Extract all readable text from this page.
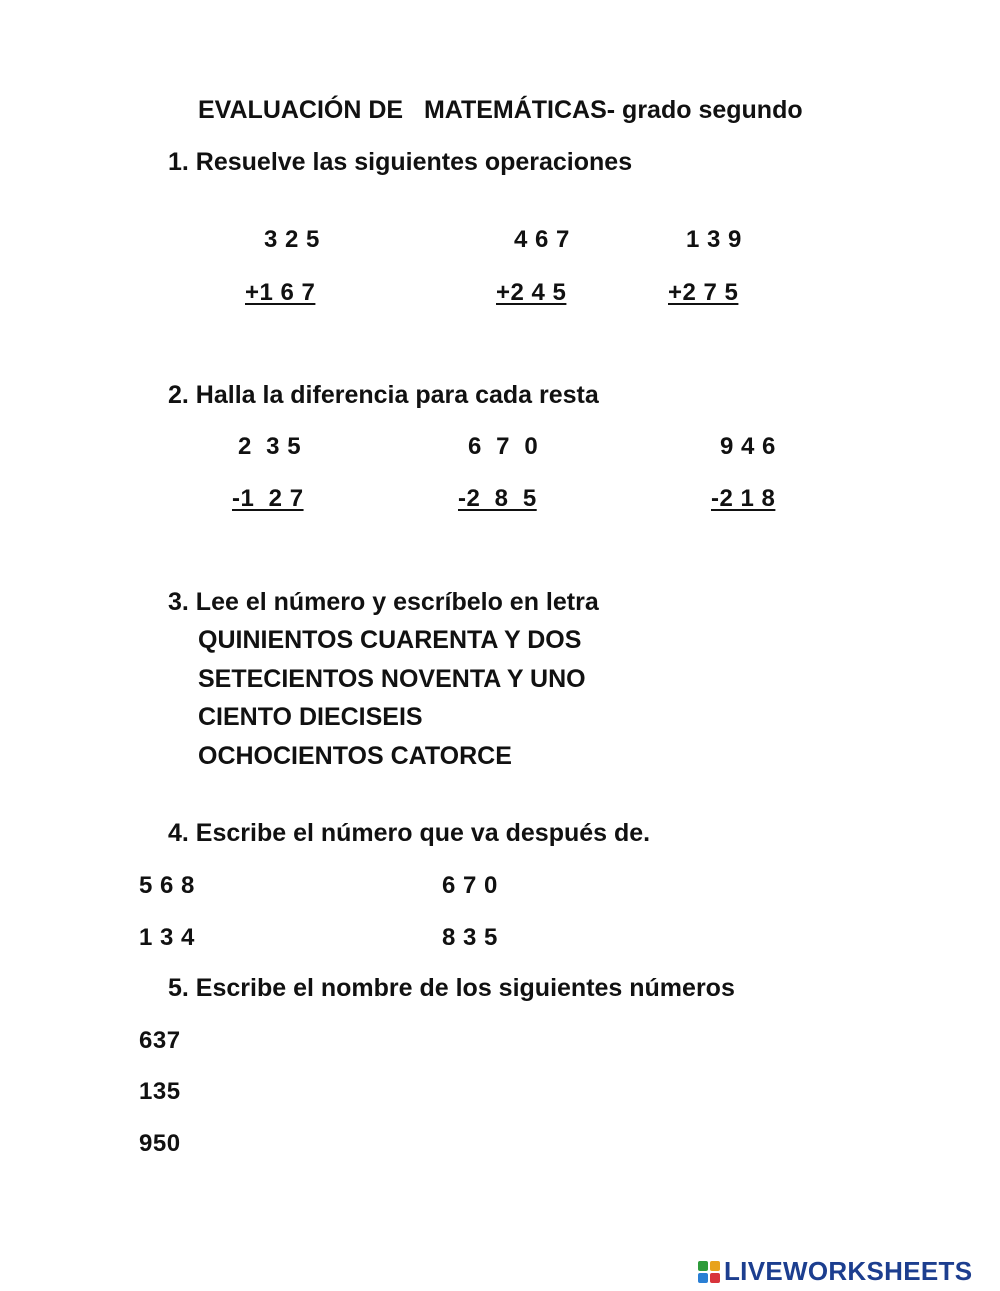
EVALUACIÓN DE   MATEMÁTICAS- grado segundo

1. Resuelve las siguientes operaciones

3 2 5

+1 6 7

4 6 7

+2 4 5

1 3 9

+2 7 5

2. Halla la diferencia para cada resta

2  3 5

-1  2 7

6  7  0

-2  8  5

9 4 6

-2 1 8

3. Lee el número y escríbelo en letra

QUINIENTOS CUARENTA Y DOS

SETECIENTOS NOVENTA Y UNO

CIENTO DIECISEIS

OCHOCIENTOS CATORCE

4. Escribe el número que va después de.

5 6 8	6 7 0

1 3 4	8 3 5

5. Escribe el nombre de los siguientes números

637

135

950

LIVEWORKSHEETS
